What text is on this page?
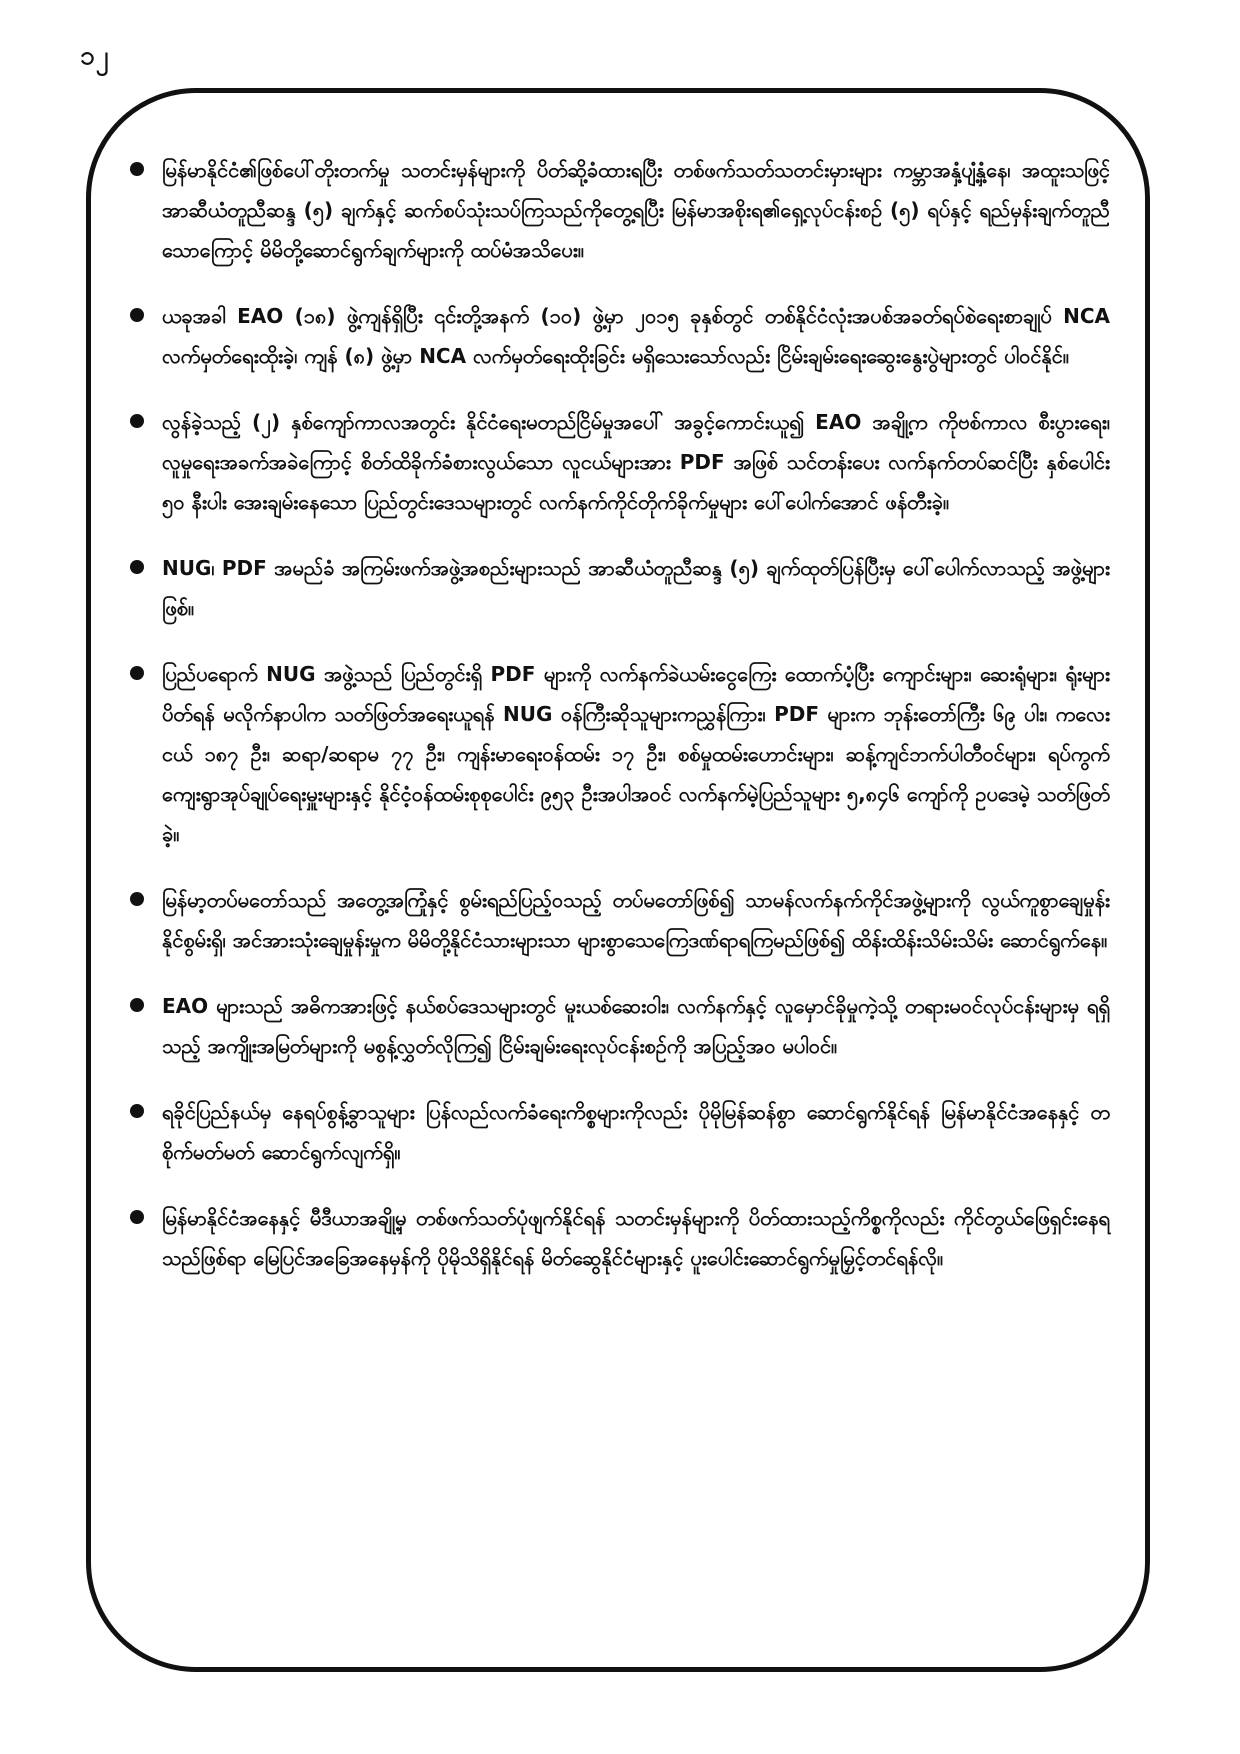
၁၂
မြန်မာနိုင်ငံ၏ဖြစ်ပေါ်တိုးတက်မှု သတင်းမှန်များကို ပိတ်ဆို့ခံထားရပြီး တစ်ဖက်သတ်သတင်းမှားများ ကမ္ဘာအနှံ့ပျံ့နှံ့နေ၊ အထူးသဖြင့် အာဆီယံတူညီဆန္ဒ (၅) ချက်နှင့် ဆက်စပ်သုံးသပ်ကြသည်ကိုတွေ့ရပြီး မြန်မာအစိုးရ၏ရှေ့လုပ်ငန်းစဉ် (၅) ရပ်နှင့် ရည်မှန်းချက်တူညီသောကြောင့် မိမိတို့ဆောင်ရွက်ချက်များကို ထပ်မံအသိပေး။
ယခုအခါ EAO (၁၈) ဖွဲ့ကျန်ရှိပြီး ၎င်းတို့အနက် (၁၀) ဖွဲ့မှာ ၂၀၁၅ ခုနှစ်တွင် တစ်နိုင်ငံလုံးအပစ်အခတ်ရပ်စဲရေးစာချုပ် NCA လက်မှတ်ရေးထိုးခဲ့၊ ကျန် (၈) ဖွဲ့မှာ NCA လက်မှတ်ရေးထိုးခြင်း မရှိသေးသော်လည်း ငြိမ်းချမ်းရေးဆွေးနွေးပွဲများတွင် ပါဝင်နိုင်။
လွန်ခဲ့သည့် (၂) နှစ်ကျော်ကာလအတွင်း နိုင်ငံရေးမတည်ငြိမ်မှုအပေါ် အခွင့်ကောင်းယူ၍ EAO အချို့က ကိုဗစ်ကာလ စီးပွားရေး၊ လူမှုရေးအခက်အခဲကြောင့် စိတ်ထိခိုက်ခံစားလွယ်သော လူငယ်များအား PDF အဖြစ် သင်တန်းပေး လက်နက်တပ်ဆင်ပြီး နှစ်ပေါင်း ၅၀ နီးပါး အေးချမ်းနေသော ပြည်တွင်းဒေသများတွင် လက်နက်ကိုင်တိုက်ခိုက်မှုများ ပေါ်ပေါက်အောင် ဖန်တီးခဲ့။
NUG၊ PDF အမည်ခံ အကြမ်းဖက်အဖွဲ့အစည်းများသည် အာဆီယံတူညီဆန္ဒ (၅) ချက်ထုတ်ပြန်ပြီးမှ ပေါ်ပေါက်လာသည့် အဖွဲ့များဖြစ်။
ပြည်ပရောက် NUG အဖွဲ့သည် ပြည်တွင်းရှိ PDF များကို လက်နက်ခဲယမ်းငွေကြေး ထောက်ပံ့ပြီး ကျောင်းများ၊ ဆေးရုံများ၊ ရုံးများပိတ်ရန် မလိုက်နာပါက သတ်ဖြတ်အရေးယူရန် NUG ဝန်ကြီးဆိုသူများကညွှန်ကြား၊ PDF များက ဘုန်းတော်ကြီး ၆၉ ပါး၊ ကလေးငယ် ၁၈၇ ဦး၊ ဆရာ/ဆရာမ ၇၇ ဦး၊ ကျန်းမာရေးဝန်ထမ်း ၁၇ ဦး၊ စစ်မှုထမ်းဟောင်းများ၊ ဆန့်ကျင်ဘက်ပါတီဝင်များ၊ ရပ်ကွက်ကျေးရွာအုပ်ချုပ်ရေးမှူးများနှင့် နိုင်ငံ့ဝန်ထမ်းစုစုပေါင်း ၉၅၃ ဦးအပါအဝင် လက်နက်မဲ့ပြည်သူများ ၅,၈၄၆ ကျော်ကို ဥပဒေမဲ့ သတ်ဖြတ်ခဲ့။
မြန်မာ့တပ်မတော်သည် အတွေ့အကြုံနှင့် စွမ်းရည်ပြည့်ဝသည့် တပ်မတော်ဖြစ်၍ သာမန်လက်နက်ကိုင်အဖွဲ့များကို လွယ်ကူစွာချေမှုန်းနိုင်စွမ်းရှိ၊ အင်အားသုံးချေမှုန်းမှုက မိမိတို့နိုင်ငံသားများသာ များစွာသေကြေဒဏ်ရာရကြမည်ဖြစ်၍ ထိန်းထိန်းသိမ်းသိမ်း ဆောင်ရွက်နေ။
EAO များသည် အဓိကအားဖြင့် နယ်စပ်ဒေသများတွင် မူးယစ်ဆေးဝါး၊ လက်နက်နှင့် လူမှောင်ခိုမှုကဲ့သို့ တရားမဝင်လုပ်ငန်းများမှ ရရှိသည့် အကျိုးအမြတ်များကို မစွန့်လွှတ်လိုကြ၍ ငြိမ်းချမ်းရေးလုပ်ငန်းစဉ်ကို အပြည့်အဝ မပါဝင်။
ရခိုင်ပြည်နယ်မှ နေရပ်စွန့်ခွာသူများ ပြန်လည်လက်ခံရေးကိစ္စများကိုလည်း ပိုမိုမြန်ဆန်စွာ ဆောင်ရွက်နိုင်ရန် မြန်မာနိုင်ငံအနေနှင့် တစိုက်မတ်မတ် ဆောင်ရွက်လျက်ရှိ။
မြန်မာနိုင်ငံအနေနှင့် မီဒီယာအချို့မှ တစ်ဖက်သတ်ပုံဖျက်နိုင်ရန် သတင်းမှန်များကို ပိတ်ထားသည့်ကိစ္စကိုလည်း ကိုင်တွယ်ဖြေရှင်းနေရသည်ဖြစ်ရာ မြေပြင်အခြေအနေမှန်ကို ပိုမိုသိရှိနိုင်ရန် မိတ်ဆွေနိုင်ငံများနှင့် ပူးပေါင်းဆောင်ရွက်မှုမြှင့်တင်ရန်လို။
